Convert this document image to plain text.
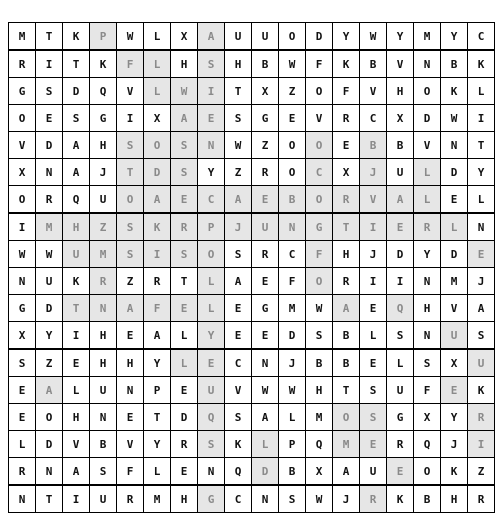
M	T	K	P	W	L	X	A	U	U	O	D	Y	W	Y	M	Y	C
R	I	T	K	F	L	H	S	H	B	W	F	K	B	V	N	B	K
G	S	D	Q	V	L	W	I	T	X	Z	O	F	V	H	O	K	L
O	E	S	G	I	X	A	E	S	G	E	V	R	C	X	D	W	I
V	D	A	H	S	O	S	N	W	Z	O	O	E	B	B	V	N	T
X	N	A	J	T	D	S	Y	Z	R	O	C	X	J	U	L	D	Y
O	R	Q	U	O	A	E	C	A	E	B	O	R	V	A	L	E	L
I	M	H	Z	S	K	R	P	J	U	N	G	T	I	E	R	L	N
W	W	U	M	S	I	S	O	S	R	C	F	H	J	D	Y	D	E
N	U	K	R	Z	R	T	L	A	E	F	O	R	I	I	N	M	J
G	D	T	N	A	F	E	L	E	G	M	W	A	E	Q	H	V	A
X	Y	I	H	E	A	L	Y	E	E	D	S	B	L	S	N	U	S
S	Z	E	H	H	Y	L	E	C	N	J	B	B	E	L	S	X	U
E	A	L	U	N	P	E	U	V	W	W	H	T	S	U	F	E	K
E	O	H	N	E	T	D	Q	S	A	L	M	O	S	G	X	Y	R
L	D	V	B	V	Y	R	S	K	L	P	Q	M	E	R	Q	J	I
R	N	A	S	F	L	E	N	Q	D	B	X	A	U	E	O	K	Z
N	T	I	U	R	M	H	G	C	N	S	W	J	R	K	B	H	R
